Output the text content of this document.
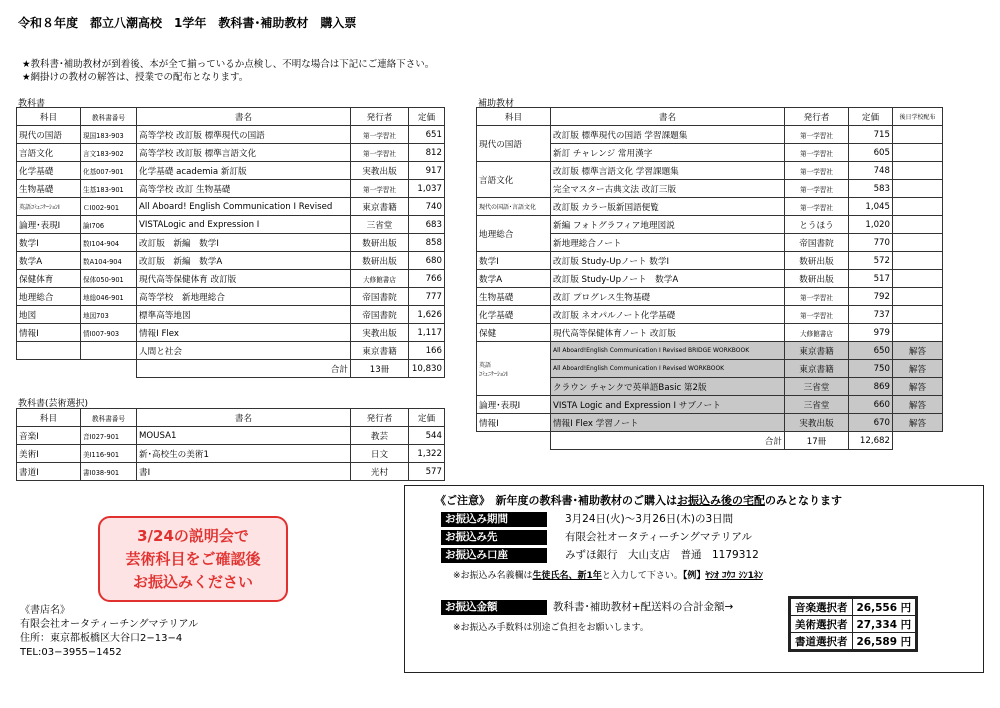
令和８年度　都立八潮高校　1学年　教科書･補助教材　購入票
★教科書･補助教材が到着後、本が全て揃っているか点検し、不明な場合は下記にご連絡下さい。
★網掛けの教材の解答は、授業での配布となります。
教科書
科目	教科書番号	書名	発行者	定価
現代の国語	現国183-903	高等学校 改訂版 標準現代の国語	第一学習社	651
言語文化	言文183-902	高等学校 改訂版 標準言語文化	第一学習社	812
化学基礎	化基007-901	化学基礎 academia 新訂版	実教出版	917
生物基礎	生基183-901	高等学校 改訂 生物基礎	第一学習社	1,037
英語ｺﾐｭﾆｹｰｼｮﾝⅠ	ＣⅠ002-901	All Aboard! English Communication Ⅰ Revised	東京書籍	740
論理･表現Ⅰ	論Ⅰ706	VISTALogic and Expression Ⅰ	三省堂	683
数学Ⅰ	数Ⅰ104-904	改訂版　新編　数学Ⅰ	数研出版	858
数学A	数A104-904	改訂版　新編　数学A	数研出版	680
保健体育	保体050-901	現代高等保健体育 改訂版	大修館書店	766
地理総合	地総046-901	高等学校　新地理総合	帝国書院	777
地図	地図703	標準高等地図	帝国書院	1,626
情報Ⅰ	情Ⅰ007-903	情報Ⅰ Flex	実教出版	1,117
		人間と社会	東京書籍	166
		合計	13冊	10,830
教科書(芸術選択)
科目	教科書番号	書名	発行者	定価
音楽Ⅰ	音Ⅰ027-901	MOUSA1	教芸	544
美術Ⅰ	美Ⅰ116-901	新･高校生の美術1	日文	1,322
書道Ⅰ	書Ⅰ038-901	書Ⅰ	光村	577
補助教材
科目	書名	発行者	定価	後日学校配布
現代の国語	改訂版 標準現代の国語 学習課題集	第一学習社	715	
	新訂 チャレンジ 常用漢字	第一学習社	605	
言語文化	改訂版 標準言語文化 学習課題集	第一学習社	748	
	完全マスター古典文法 改訂三版	第一学習社	583	
現代の国語･言語文化	改訂版 カラー版新国語便覧	第一学習社	1,045	
地理総合	新編 フォトグラフィア地理図説	とうほう	1,020	
	新地理総合ノート	帝国書院	770	
数学Ⅰ	改訂版 Study-Upノート 数学Ⅰ	数研出版	572	
数学A	改訂版 Study-Upノート　数学A	数研出版	517	
生物基礎	改訂 プログレス生物基礎	第一学習社	792	
化学基礎	改訂版 ネオパルノート化学基礎	第一学習社	737	
保健	現代高等保健体育ノート 改訂版	大修館書店	979	
英語
ｺﾐｭﾆｹｰｼｮﾝⅠ	All Aboard!English Communication Ⅰ Revised BRIDGE WORKBOOK	東京書籍	650	解答
	All Aboard!English Communication Ⅰ Revised WORKBOOK	東京書籍	750	解答
	クラウン チャンクで英単語Basic 第2版	三省堂	869	解答
論理･表現Ⅰ	VISTA Logic and Expression Ⅰ サブノート	三省堂	660	解答
情報Ⅰ	情報Ⅰ Flex 学習ノート	実教出版	670	解答
	合計	17冊	12,682	
3/24の説明会で
芸術科目をご確認後
お振込みください
《書店名》
有限会社オータティーチングマテリアル
住所：東京都板橋区大谷口2−13−4
TEL:03−3955−1452
《ご注意》　新年度の教科書･補助教材のご購入はお振込み後の宅配のみとなります
お振込み期間	3月24日(火)～3月26日(木)の3日間
お振込み先	有限会社オータティーチングマテリアル
お振込み口座	みずほ銀行　大山支店　普通　1179312
※お振込み名義欄は生徒氏名、新1年と入力して下さい。【例】ﾔｼｵ ｺｳｺ ｼﾝ1ﾈﾝ
お振込金額	教科書･補助教材+配送料の合計金額→
※お振込み手数料は別途ご負担をお願いします。
音楽選択者	26,556 円
美術選択者	27,334 円
書道選択者	26,589 円
